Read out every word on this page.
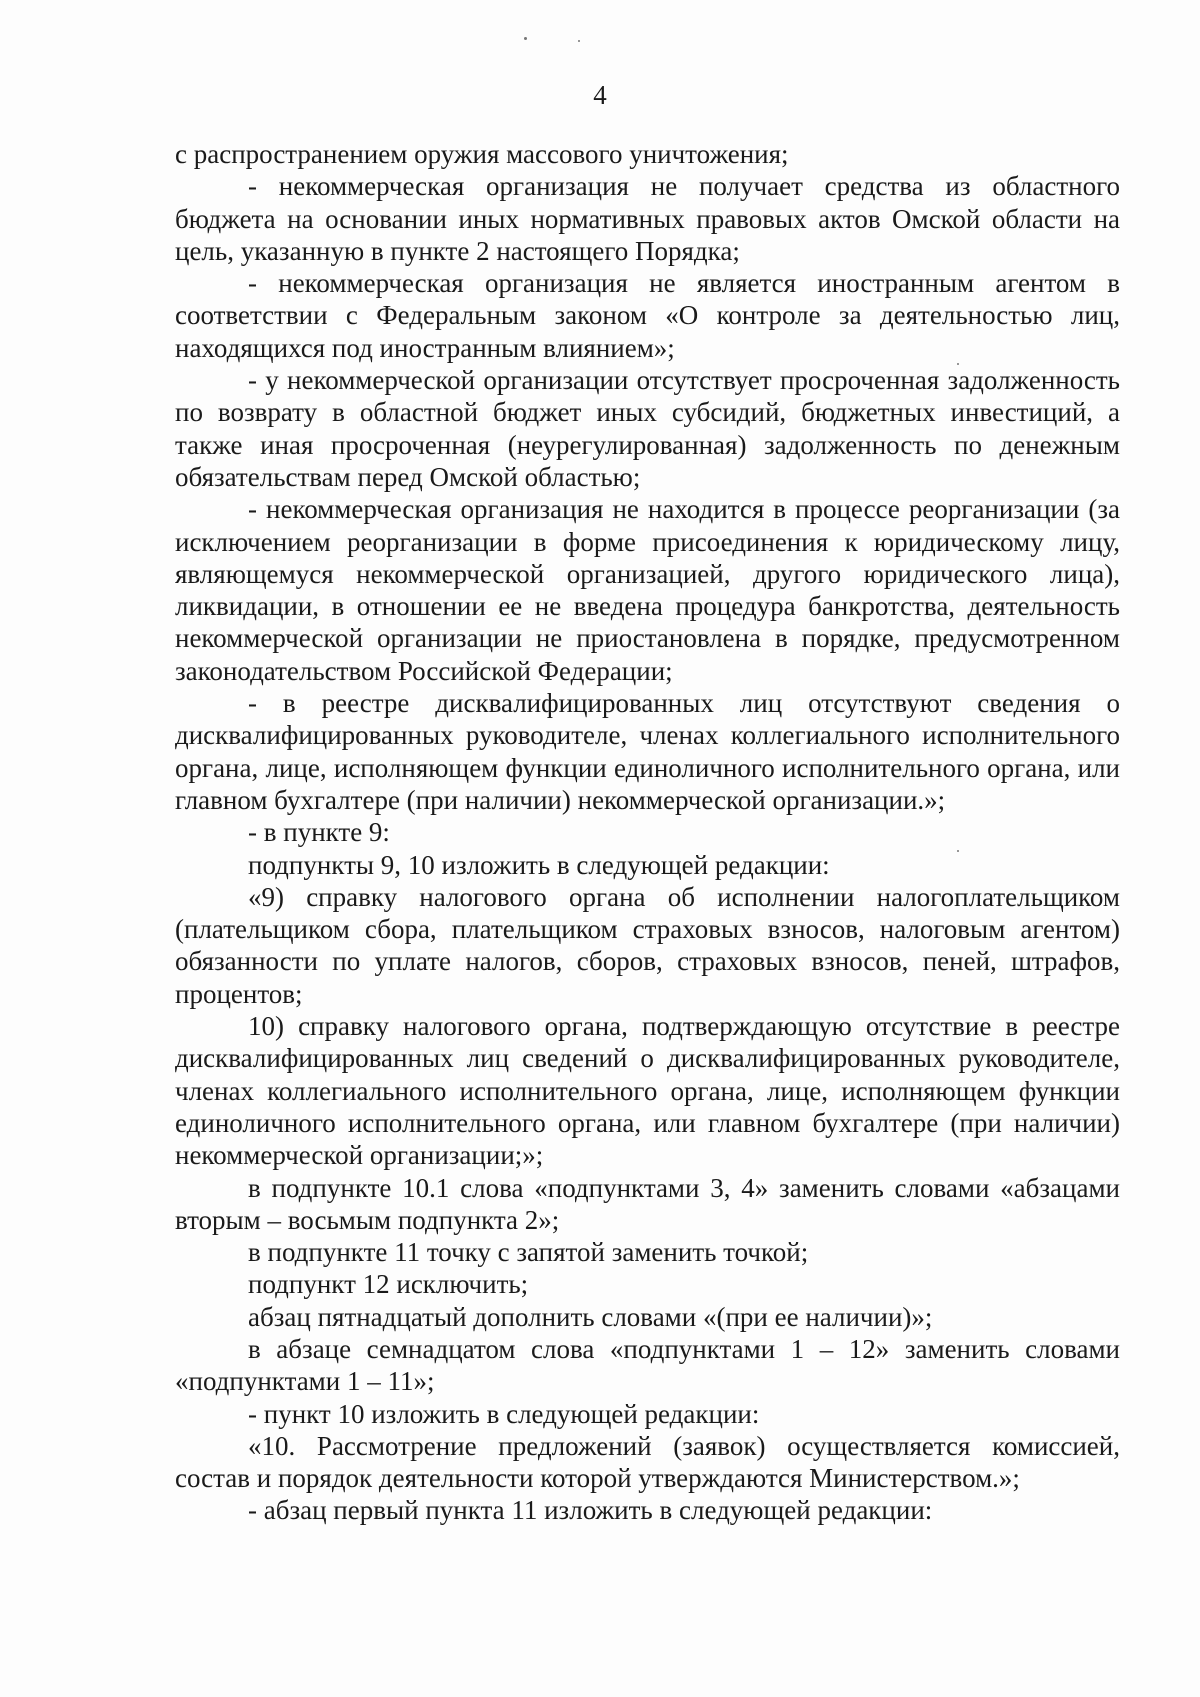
4

с распространением оружия массового уничтожения;

- некоммерческая организация не получает средства из областного бюджета на основании иных нормативных правовых актов Омской области на цель, указанную в пункте 2 настоящего Порядка;

- некоммерческая организация не является иностранным агентом в соответствии с Федеральным законом «О контроле за деятельностью лиц, находящихся под иностранным влиянием»;

- у некоммерческой организации отсутствует просроченная задолженность по возврату в областной бюджет иных субсидий, бюджетных инвестиций, а также иная просроченная (неурегулированная) задолженность по денежным обязательствам перед Омской областью;

- некоммерческая организация не находится в процессе реорганизации (за исключением реорганизации в форме присоединения к юридическому лицу, являющемуся некоммерческой организацией, другого юридического лица), ликвидации, в отношении ее не введена процедура банкротства, деятельность некоммерческой организации не приостановлена в порядке, предусмотренном законодательством Российской Федерации;

- в реестре дисквалифицированных лиц отсутствуют сведения о дисквалифицированных руководителе, членах коллегиального исполнительного органа, лице, исполняющем функции единоличного исполнительного органа, или главном бухгалтере (при наличии) некоммерческой организации.»;

- в пункте 9:

подпункты 9, 10 изложить в следующей редакции:

«9) справку налогового органа об исполнении налогоплательщиком (плательщиком сбора, плательщиком страховых взносов, налоговым агентом) обязанности по уплате налогов, сборов, страховых взносов, пеней, штрафов, процентов;

10) справку налогового органа, подтверждающую отсутствие в реестре дисквалифицированных лиц сведений о дисквалифицированных руководителе, членах коллегиального исполнительного органа, лице, исполняющем функции единоличного исполнительного органа, или главном бухгалтере (при наличии) некоммерческой организации;»;

в подпункте 10.1 слова «подпунктами 3, 4» заменить словами «абзацами вторым – восьмым подпункта 2»;

в подпункте 11 точку с запятой заменить точкой;

подпункт 12 исключить;

абзац пятнадцатый дополнить словами «(при ее наличии)»;

в абзаце семнадцатом слова «подпунктами 1 – 12» заменить словами «подпунктами 1 – 11»;

- пункт 10 изложить в следующей редакции:

«10. Рассмотрение предложений (заявок) осуществляется комиссией, состав и порядок деятельности которой утверждаются Министерством.»;

- абзац первый пункта 11 изложить в следующей редакции:
